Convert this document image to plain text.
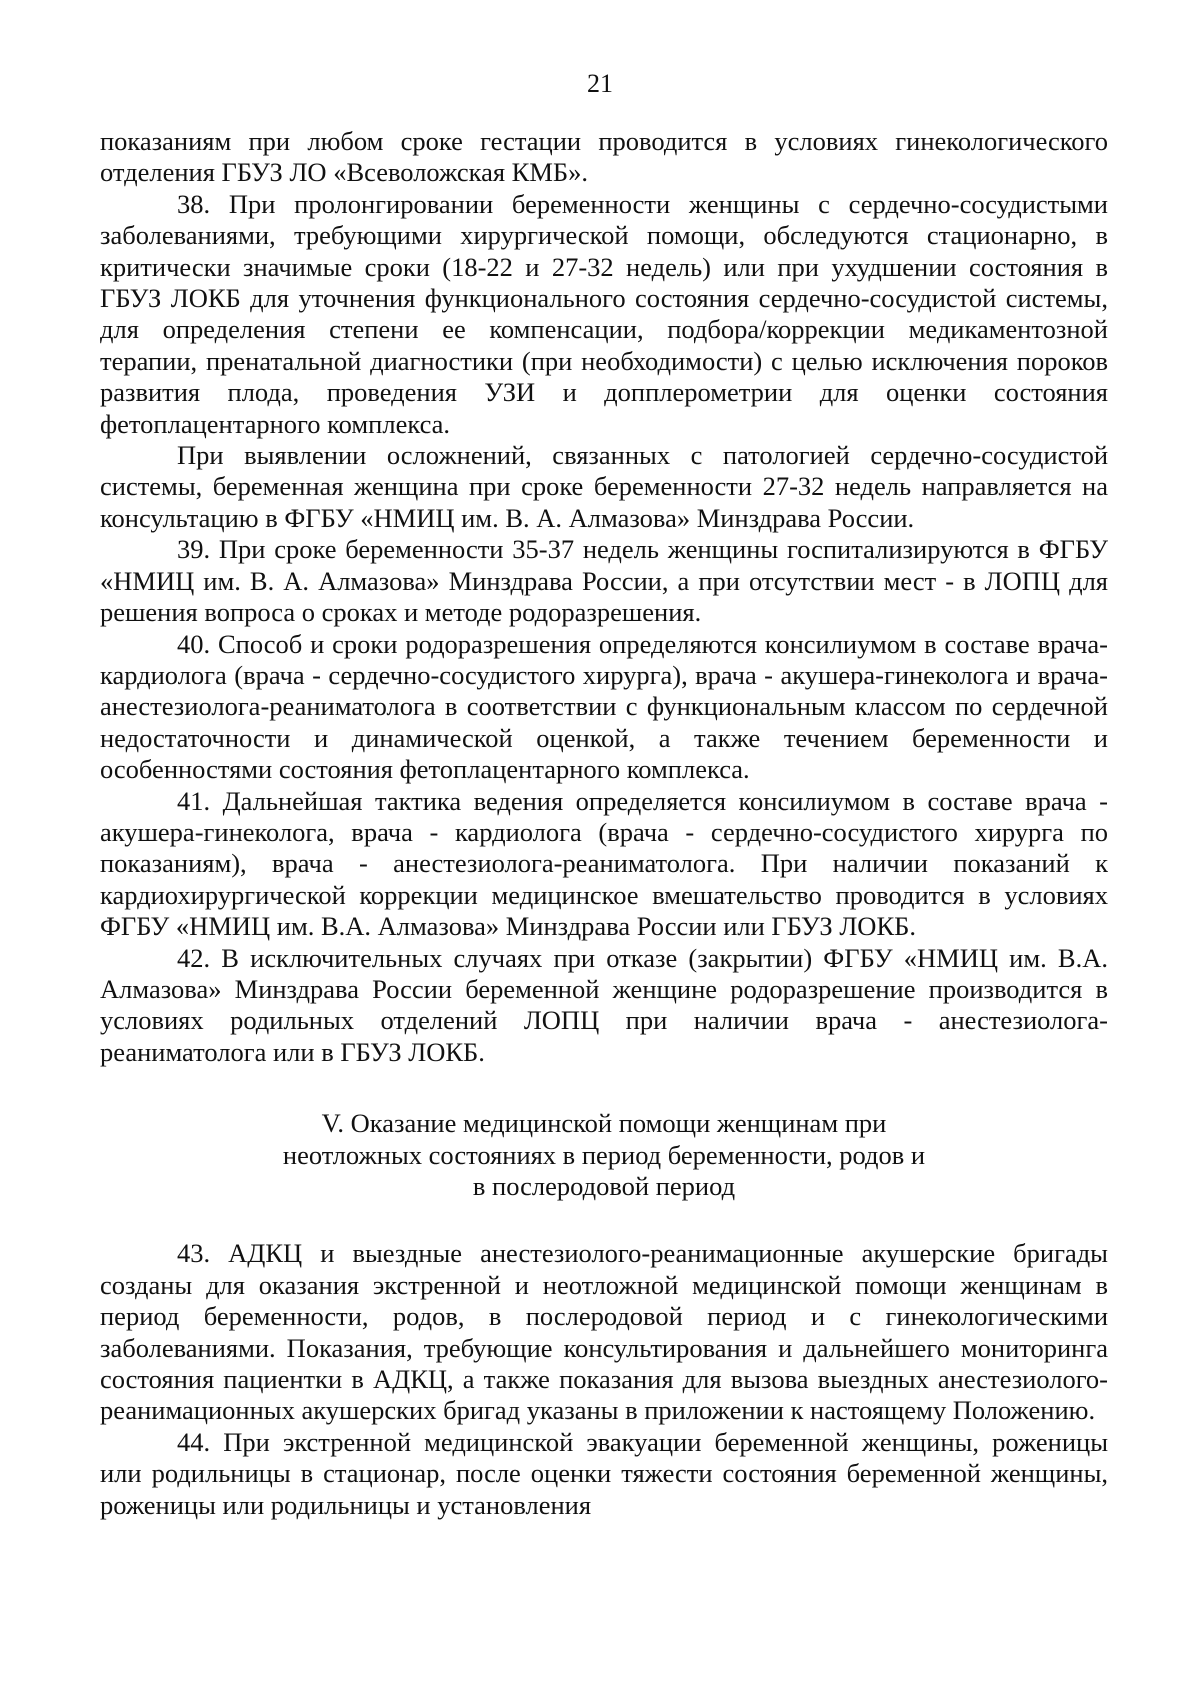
21

показаниям при любом сроке гестации проводится в условиях гинекологического отделения ГБУЗ ЛО «Всеволожская КМБ».

38. При пролонгировании беременности женщины с сердечно-сосудистыми заболеваниями, требующими хирургической помощи, обследуются стационарно, в критически значимые сроки (18-22 и 27-32 недель) или при ухудшении состояния в ГБУЗ ЛОКБ для уточнения функционального состояния сердечно-сосудистой системы, для определения степени ее компенсации, подбора/коррекции медикаментозной терапии, пренатальной диагностики (при необходимости) с целью исключения пороков развития плода, проведения УЗИ и допплерометрии для оценки состояния фетоплацентарного комплекса.

При выявлении осложнений, связанных с патологией сердечно-сосудистой системы, беременная женщина при сроке беременности 27-32 недель направляется на консультацию в ФГБУ «НМИЦ им. В. А. Алмазова» Минздрава России.

39. При сроке беременности 35-37 недель женщины госпитализируются в ФГБУ «НМИЦ им. В. А. Алмазова» Минздрава России, а при отсутствии мест - в ЛОПЦ для решения вопроса о сроках и методе родоразрешения.

40. Способ и сроки родоразрешения определяются консилиумом в составе врача-кардиолога (врача - сердечно-сосудистого хирурга), врача - акушера-гинеколога и врача-анестезиолога-реаниматолога в соответствии с функциональным классом по сердечной недостаточности и динамической оценкой, а также течением беременности и особенностями состояния фетоплацентарного комплекса.

41. Дальнейшая тактика ведения определяется консилиумом в составе врача - акушера-гинеколога, врача - кардиолога (врача - сердечно-сосудистого хирурга по показаниям), врача - анестезиолога-реаниматолога. При наличии показаний к кардиохирургической коррекции медицинское вмешательство проводится в условиях ФГБУ «НМИЦ им. В.А. Алмазова» Минздрава России или ГБУЗ ЛОКБ.

42. В исключительных случаях при отказе (закрытии) ФГБУ «НМИЦ им. В.А. Алмазова» Минздрава России беременной женщине родоразрешение производится в условиях родильных отделений ЛОПЦ при наличии врача - анестезиолога-реаниматолога или в ГБУЗ ЛОКБ.

V. Оказание медицинской помощи женщинам при
неотложных состояниях в период беременности, родов и
в послеродовой период

43. АДКЦ и выездные анестезиолого-реанимационные акушерские бригады созданы для оказания экстренной и неотложной медицинской помощи женщинам в период беременности, родов, в послеродовой период и с гинекологическими заболеваниями. Показания, требующие консультирования и дальнейшего мониторинга состояния пациентки в АДКЦ, а также показания для вызова выездных анестезиолого-реанимационных акушерских бригад указаны в приложении к настоящему Положению.

44. При экстренной медицинской эвакуации беременной женщины, роженицы или родильницы в стационар, после оценки тяжести состояния беременной женщины, роженицы или родильницы и установления
